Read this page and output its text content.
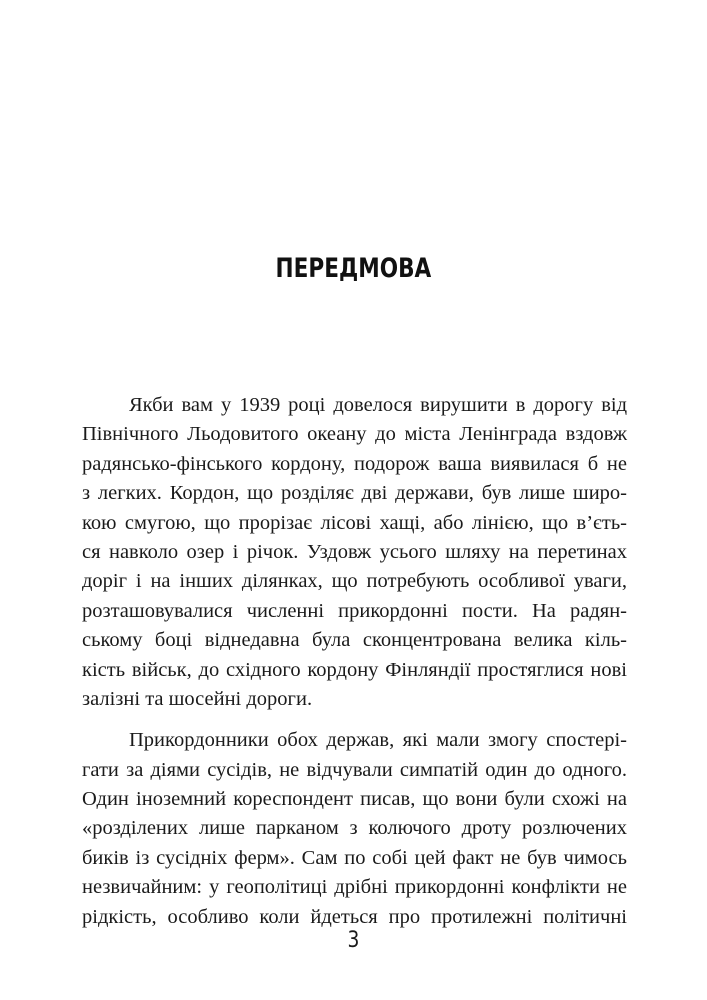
ПЕРЕДМОВА

Якби вам у 1939 році довелося вирушити в дорогу від
Північного Льодовитого океану до міста Ленінграда вздовж
радянсько-фінського кордону, подорож ваша виявилася б не
з легких. Кордон, що розділяє дві держави, був лише широ-
кою смугою, що прорізає лісові хащі, або лінією, що в’єть-
ся навколо озер і річок. Уздовж усього шляху на перетинах
доріг і на інших ділянках, що потребують особливої уваги,
розташовувалися численні прикордонні пости. На радян-
ському боці віднедавна була сконцентрована велика кіль-
кість військ, до східного кордону Фінляндії простяглися нові
залізні та шосейні дороги.

Прикордонники обох держав, які мали змогу спостері-
гати за діями сусідів, не відчували симпатій один до одного.
Один іноземний кореспондент писав, що вони були схожі на
«розділених лише парканом з колючого дроту розлючених
биків із сусідніх ферм». Сам по собі цей факт не був чимось
незвичайним: у геополітиці дрібні прикордонні конфлікти не
рідкість, особливо коли йдеться про протилежні політичні

3
